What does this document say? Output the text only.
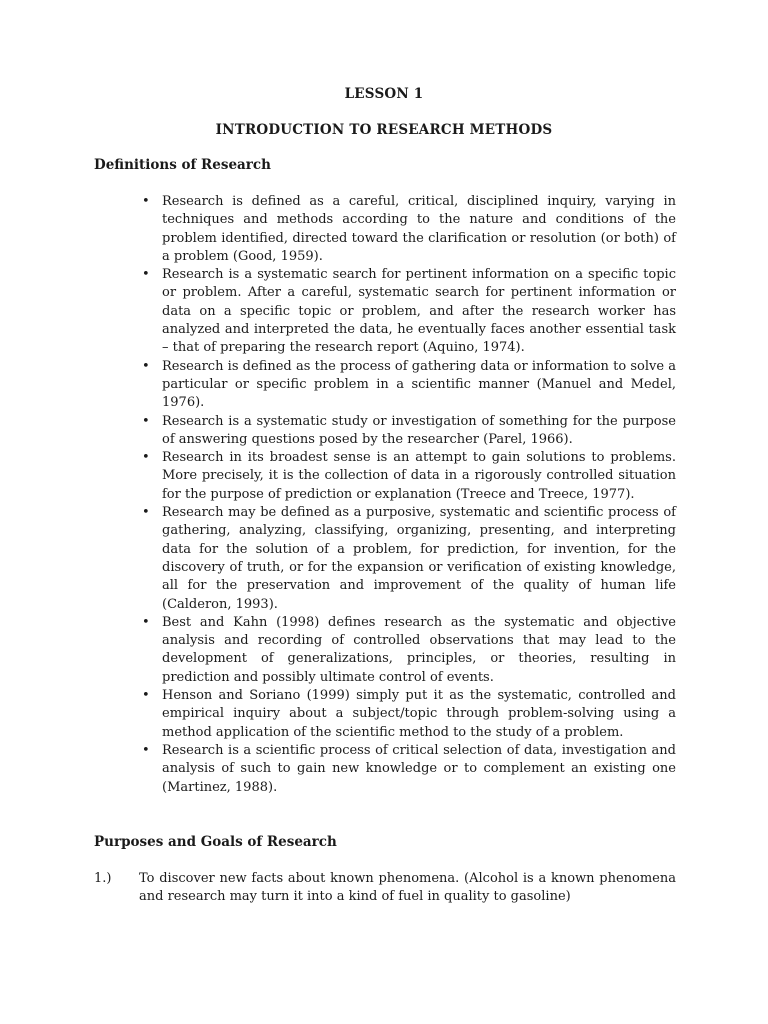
LESSON 1
INTRODUCTION TO RESEARCH METHODS
Definitions of Research
• Research is defined as a careful, critical, disciplined inquiry, varying in techniques and methods according to the nature and conditions of the problem identified, directed toward the clarification or resolution (or both) of a problem (Good, 1959).
• Research is a systematic search for pertinent information on a specific topic or problem. After a careful, systematic search for pertinent information or data on a specific topic or problem, and after the research worker has analyzed and interpreted the data, he eventually faces another essential task – that of preparing the research report (Aquino, 1974).
• Research is defined as the process of gathering data or information to solve a particular or specific problem in a scientific manner (Manuel and Medel, 1976).
• Research is a systematic study or investigation of something for the purpose of answering questions posed by the researcher (Parel, 1966).
• Research in its broadest sense is an attempt to gain solutions to problems. More precisely, it is the collection of data in a rigorously controlled situation for the purpose of prediction or explanation (Treece and Treece, 1977).
• Research may be defined as a purposive, systematic and scientific process of gathering, analyzing, classifying, organizing, presenting, and interpreting data for the solution of a problem, for prediction, for invention, for the discovery of truth, or for the expansion or verification of existing knowledge, all for the preservation and improvement of the quality of human life (Calderon, 1993).
• Best and Kahn (1998) defines research as the systematic and objective analysis and recording of controlled observations that may lead to the development of generalizations, principles, or theories, resulting in prediction and possibly ultimate control of events.
• Henson and Soriano (1999) simply put it as the systematic, controlled and empirical inquiry about a subject/topic through problem-solving using a method application of the scientific method to the study of a problem.
• Research is a scientific process of critical selection of data, investigation and analysis of such to gain new knowledge or to complement an existing one (Martinez, 1988).
Purposes and Goals of Research
1.) To discover new facts about known phenomena. (Alcohol is a known phenomena and research may turn it into a kind of fuel in quality to gasoline)
